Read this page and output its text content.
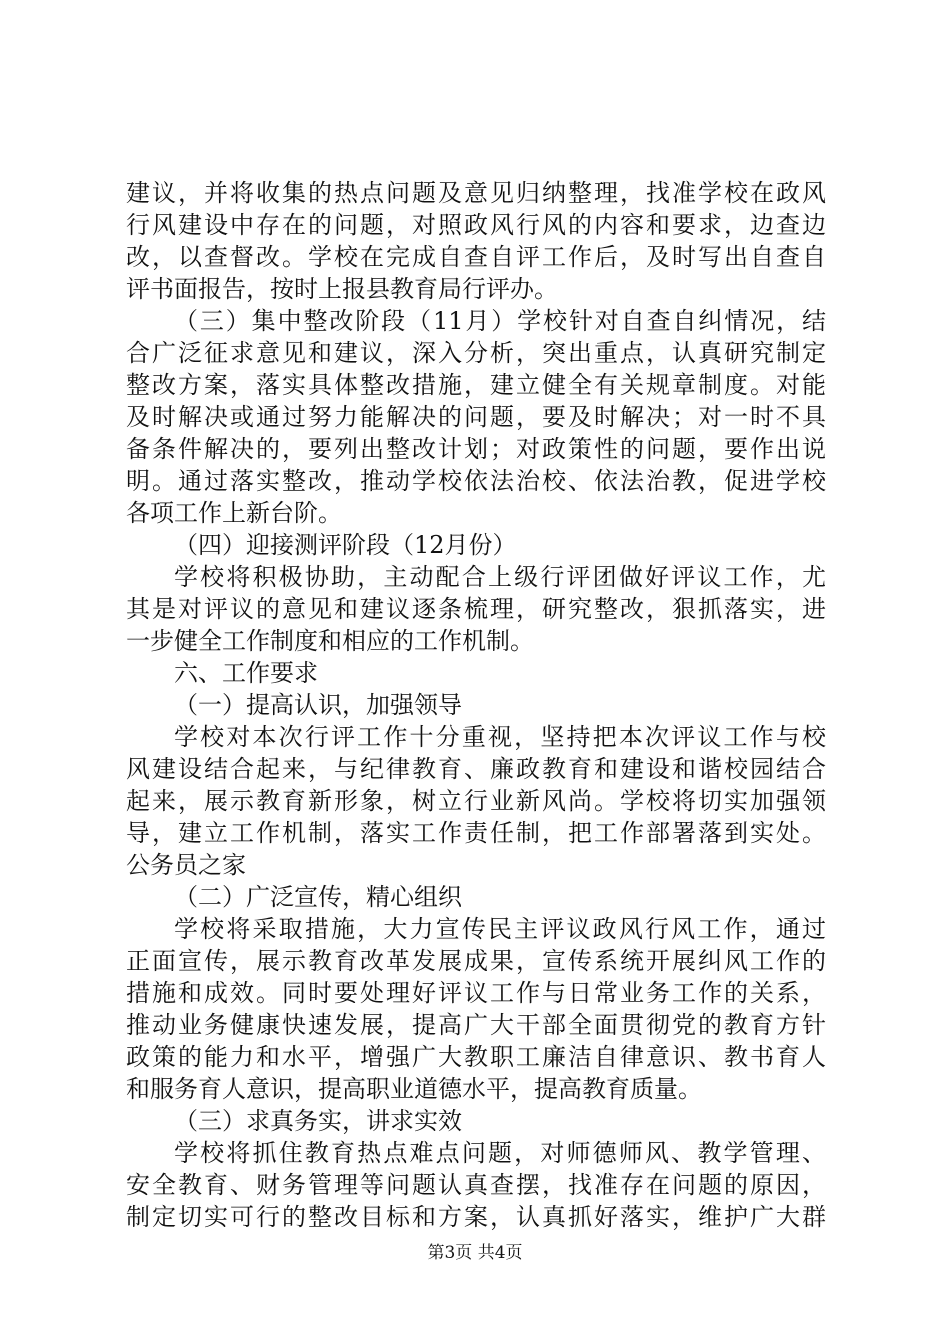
建议，并将收集的热点问题及意见归纳整理，找准学校在政风
行风建设中存在的问题，对照政风行风的内容和要求，边查边
改，以查督改。学校在完成自查自评工作后，及时写出自查自
评书面报告，按时上报县教育局行评办。
（三）集中整改阶段（11月）学校针对自查自纠情况，结
合广泛征求意见和建议，深入分析，突出重点，认真研究制定
整改方案，落实具体整改措施，建立健全有关规章制度。对能
及时解决或通过努力能解决的问题，要及时解决；对一时不具
备条件解决的，要列出整改计划；对政策性的问题，要作出说
明。通过落实整改，推动学校依法治校、依法治教，促进学校
各项工作上新台阶。
（四）迎接测评阶段（12月份）
学校将积极协助，主动配合上级行评团做好评议工作，尤
其是对评议的意见和建议逐条梳理，研究整改，狠抓落实，进
一步健全工作制度和相应的工作机制。
六、工作要求
（一）提高认识，加强领导
学校对本次行评工作十分重视，坚持把本次评议工作与校
风建设结合起来，与纪律教育、廉政教育和建设和谐校园结合
起来，展示教育新形象，树立行业新风尚。学校将切实加强领
导，建立工作机制，落实工作责任制，把工作部署落到实处。
公务员之家
（二）广泛宣传，精心组织
学校将采取措施，大力宣传民主评议政风行风工作，通过
正面宣传，展示教育改革发展成果，宣传系统开展纠风工作的
措施和成效。同时要处理好评议工作与日常业务工作的关系，
推动业务健康快速发展，提高广大干部全面贯彻党的教育方针
政策的能力和水平，增强广大教职工廉洁自律意识、教书育人
和服务育人意识，提高职业道德水平，提高教育质量。
（三）求真务实，讲求实效
学校将抓住教育热点难点问题，对师德师风、教学管理、
安全教育、财务管理等问题认真查摆，找准存在问题的原因，
制定切实可行的整改目标和方案，认真抓好落实，维护广大群
第3页 共4页
